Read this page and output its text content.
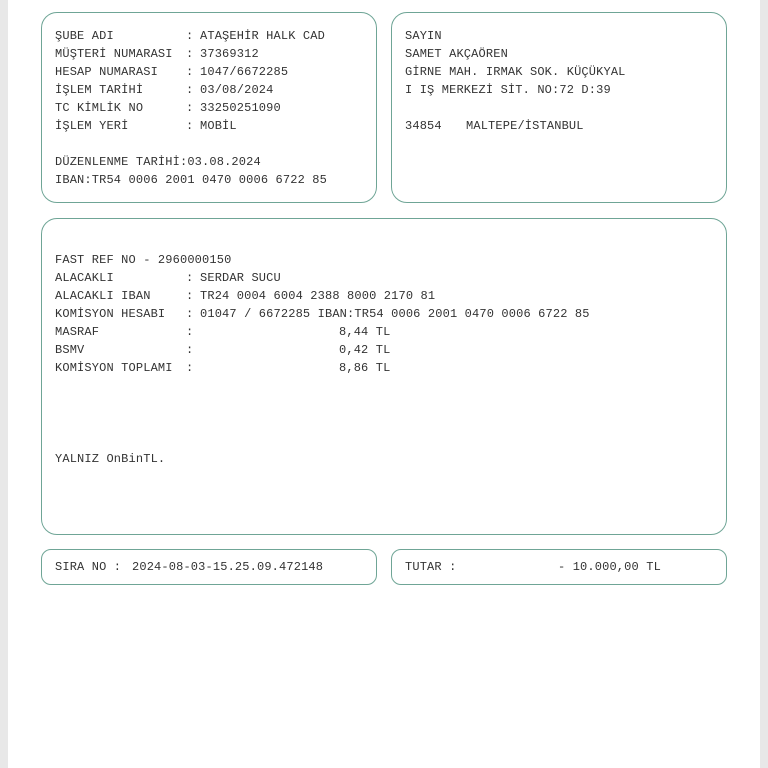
ŞUBE ADI	: ATAŞEHİR HALK CAD
MÜŞTERİ NUMARASI : 37369312
HESAP NUMARASI : 1047/6672285
İŞLEM TARİHİ	: 03/08/2024
TC KİMLİK NO	: 33250251090
İŞLEM YERİ	: MOBİL
DÜZENLENME TARİHİ:03.08.2024
IBAN:TR54 0006 2001 0470 0006 6722 85
SAYIN
SAMET AKÇAÖREN
GİRNE MAH. IRMAK SOK. KÜÇÜKYAL
I IŞ MERKEZİ SİT. NO:72 D:39
34854 MALTEPE/İSTANBUL
FAST REF NO - 2960000150
ALACAKLI	: SERDAR SUCU
ALACAKLI IBAN	: TR24 0004 6004 2388 8000 2170 81
KOMİSYON HESABI : 01047 / 6672285 IBAN:TR54 0006 2001 0470 0006 6722 85
MASRAF	:	8,44 TL
BSMV	:	0,42 TL
KOMİSYON TOPLAMI :	8,86 TL
YALNIZ OnBinTL.
SIRA NO : 2024-08-03-15.25.09.472148	TUTAR :	- 10.000,00 TL
